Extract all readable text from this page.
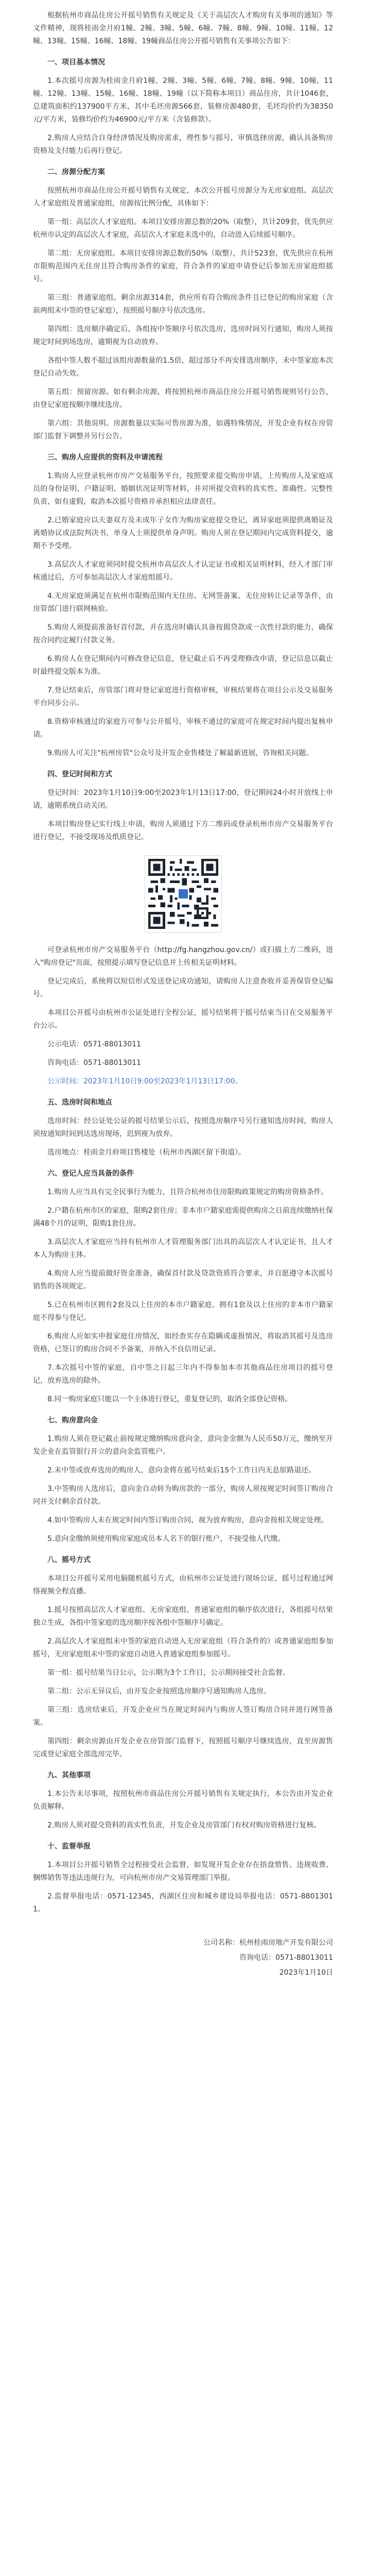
根据杭州市商品住房公开摇号销售有关规定及《关于高层次人才购房有关事项的通知》等文件精神，现将桂雨金月府1幢、2幢、3幢、5幢、6幢、7幢、8幢、9幢、10幢、11幢、12幢、13幢、15幢、16幢、18幢、19幢商品住房公开摇号销售有关事项公告如下：

一、项目基本情况

1.本次摇号房源为桂雨金月府1幢、2幢、3幢、5幢、6幢、7幢、8幢、9幢、10幢、11幢、12幢、13幢、15幢、16幢、18幢、19幢（以下简称本项目）商品住房，共计1046套，总建筑面积约137900平方米，其中毛坯房源566套，装修房源480套，毛坯均价约为38350元/平方米，装修均价约为46900元/平方米（含装修款）。

2.购房人应结合自身经济情况及购房需求，理性参与摇号，审慎选择房源，确认具备购房资格及支付能力后再行登记。

二、房源分配方案

按照杭州市商品住房公开摇号销售有关规定，本次公开摇号房源分为无房家庭组、高层次人才家庭组及普通家庭组，房源按比例分配，具体如下：

第一组：高层次人才家庭组。本项目安排房源总数的20%（取整），共计209套，优先供应杭州市认定的高层次人才家庭，高层次人才家庭未选中的，自动进入后续摇号顺序。

第二组：无房家庭组。本项目安排房源总数的50%（取整），共计523套，优先供应在杭州市限购范围内无住房且符合购房条件的家庭，符合条件的家庭申请登记后参加无房家庭组摇号。

第三组：普通家庭组。剩余房源314套，供应所有符合购房条件且已登记的购房家庭（含前两组未中签的登记家庭），按照摇号顺序号依次选房。

第四组：选房顺序确定后，各组按中签顺序号依次选房，选房时间另行通知，购房人须按规定时间到场选房，逾期视为自动放弃。

各组中签人数不超过该组房源数量的1.5倍，超过部分不再安排选房顺序，未中签家庭本次登记自动失效。

第五组：预留房源。如有剩余房源，将按照杭州市商品住房公开摇号销售规则另行公告，由登记家庭按顺序继续选房。

第六组：其他说明。房源数量以实际可售房源为准，如遇特殊情况，开发企业有权在房管部门监督下调整并另行公告。

三、购房人应提供的资料及申请流程

1.购房人应登录杭州市房产交易服务平台，按照要求提交购房申请，上传购房人及家庭成员的身份证明、户籍证明、婚姻状况证明等材料，并对所提交资料的真实性、准确性、完整性负责，如有虚假，取消本次摇号资格并承担相应法律责任。

2.已婚家庭应以夫妻双方及未成年子女作为购房家庭提交登记，离异家庭须提供离婚证及离婚协议或法院判决书，单身人士须提供单身声明。购房人须在登记期间内完成资料提交，逾期不予受理。

3.高层次人才家庭须同时提交杭州市高层次人才认定证书或相关证明材料，经人才部门审核通过后，方可参加高层次人才家庭组摇号。

4.无房家庭须满足在杭州市限购范围内无住房、无网签备案、无住房转让记录等条件，由房管部门进行联网核验。

5.购房人须提前准备好首付款，并在选房时确认具备按揭贷款或一次性付款的能力，确保按合同约定履行付款义务。

6.购房人在登记期间内可修改登记信息，登记截止后不再受理修改申请，登记信息以截止时最终提交版本为准。

7.登记结束后，房管部门将对登记家庭进行资格审核，审核结果将在项目公示及交易服务平台同步公示。

8.资格审核通过的家庭方可参与公开摇号，审核不通过的家庭可在规定时间内提出复核申请。

9.购房人可关注"杭州房管"公众号及开发企业售楼处了解最新进展，咨询相关问题。

四、登记时间和方式

登记时间：2023年1月10日9:00至2023年1月13日17:00，登记期间24小时开放线上申请，逾期系统自动关闭。

本项目购房登记实行线上申请，购房人须通过下方二维码或登录杭州市房产交易服务平台进行登记，不接受现场及纸质登记。

可登录杭州市房产交易服务平台（http://fg.hangzhou.gov.cn/）或扫描上方二维码，进入"购房登记"页面，按照提示填写登记信息并上传相关证明材料。

登记完成后，系统将以短信形式发送登记成功通知，请购房人注意查收并妥善保管登记编号。

本项目公开摇号由杭州市公证处进行全程公证，摇号结果将于摇号结束当日在交易服务平台公示。

公示电话：0571-88013011

咨询电话：0571-88013011

公示时间：2023年1月10日9:00至2023年1月13日17:00。

五、选房时间和地点

选房时间：经公证处公证的摇号结果公示后，按照选房顺序号另行通知选房时间，购房人须按通知时间到达选房现场，迟到视为放弃。

选房地点：桂雨金月府项目售楼处（杭州市西湖区留下街道）。

六、登记人应当具备的条件

1.购房人应当具有完全民事行为能力，且符合杭州市住房限购政策规定的购房资格条件。

2.户籍在杭州市区的家庭，限购2套住房；非本市户籍家庭需提供购房之日前连续缴纳社保满48个月的证明，限购1套住房。

3.高层次人才家庭应当持有杭州市人才管理服务部门出具的高层次人才认定证书，且人才本人为购房主体。

4.购房人应当提前做好资金准备，确保首付款及贷款资质符合要求，并自愿遵守本次摇号销售的各项规定。

5.已在杭州市区拥有2套及以上住房的本市户籍家庭、拥有1套及以上住房的非本市户籍家庭不得参与登记。

6.购房人应如实申报家庭住房情况，如经查实存在隐瞒或虚报情况，将取消其摇号及选房资格，已签订的购房合同不予备案，并纳入不良信用记录。

7.本次摇号中签的家庭，自中签之日起三年内不得参加本市其他商品住房项目的摇号登记，放弃选房的除外。

8.同一购房家庭只能以一个主体进行登记，重复登记的，取消全部登记资格。

七、购房意向金

1.购房人须在登记截止前按规定缴纳购房意向金，意向金金额为人民币50万元，缴纳至开发企业在监管银行开立的意向金监管账户。

2.未中签或放弃选房的购房人，意向金将在摇号结束后15个工作日内无息原路退还。

3.中签购房人选房后，意向金自动转为购房款的一部分，购房人须按规定时间签订购房合同并支付剩余首付款。

4.如中签购房人未在规定时间内签订购房合同，视为放弃购房，意向金按相关规定处理。

5.意向金缴纳须使用购房家庭成员本人名下的银行账户，不接受他人代缴。

八、摇号方式

本项目公开摇号采用电脑随机摇号方式，由杭州市公证处进行现场公证，摇号过程通过网络视频全程直播。

1.摇号按照高层次人才家庭组、无房家庭组、普通家庭组的顺序依次进行，各组摇号结果独立生成，各组中签家庭的选房顺序按各组中签顺序号确定。

2.高层次人才家庭组未中签的家庭自动进入无房家庭组（符合条件的）或普通家庭组参加摇号，无房家庭组未中签的家庭自动进入普通家庭组参加摇号。

第一组：摇号结果当日公示，公示期为3个工作日，公示期间接受社会监督。

第二组：公示无异议后，由开发企业按照选房顺序号通知购房人选房。

第三组：选房结束后，开发企业应当在规定时间内与购房人签订购房合同并进行网签备案。

第四组：剩余房源由开发企业在房管部门监督下，按照摇号顺序号继续选房，直至房源售完或登记家庭全部选房完毕。

九、其他事项

1.本公告未尽事项，按照杭州市商品住房公开摇号销售有关规定执行，本公告由开发企业负责解释。

2.购房人须对提交资料的真实性负责，开发企业及房管部门有权对购房资格进行复核。

十、监督举报

1.本项目公开摇号销售全过程接受社会监督，如发现开发企业存在捂盘惜售、违规收费、捆绑销售等违法违规行为，可向杭州市房产交易管理部门举报。

2.监督举报电话：0571-12345，西湖区住房和城乡建设局举报电话：0571-88013011。

公司名称：杭州桂雨房地产开发有限公司
咨询电话：0571-88013011
2023年1月10日
